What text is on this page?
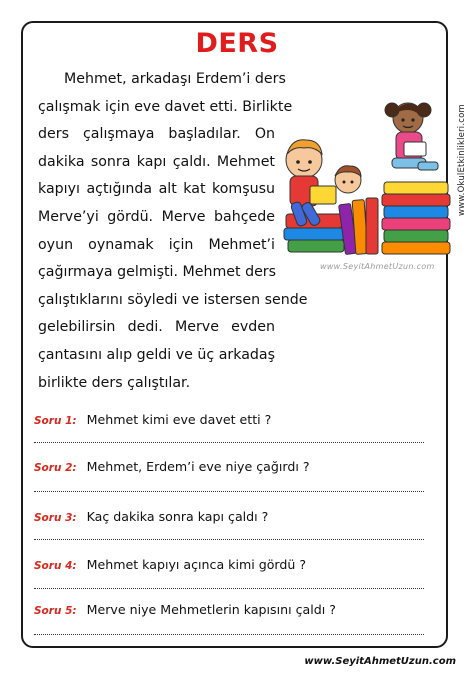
www.OkulEtkinlikleri.com
DERS
Mehmet, arkadaşı Erdem’i ders
çalışmak için eve davet etti. Birlikte
ders çalışmaya başladılar. On
dakika sonra kapı çaldı. Mehmet
kapıyı açtığında alt kat komşusu
Merve’yi gördü. Merve bahçede
oyun oynamak için Mehmet’i
çağırmaya gelmişti. Mehmet ders
çalıştıklarını söyledi ve istersen sende
gelebilirsin dedi. Merve evden
çantasını alıp geldi ve üç arkadaş
birlikte ders çalıştılar.
www.SeyitAhmetUzun.com
Soru 1: Mehmet kimi eve davet etti ?
Soru 2: Mehmet, Erdem’i eve niye çağırdı ?
Soru 3: Kaç dakika sonra kapı çaldı ?
Soru 4: Mehmet kapıyı açınca kimi gördü ?
Soru 5: Merve niye Mehmetlerin kapısını çaldı ?
www.SeyitAhmetUzun.com
